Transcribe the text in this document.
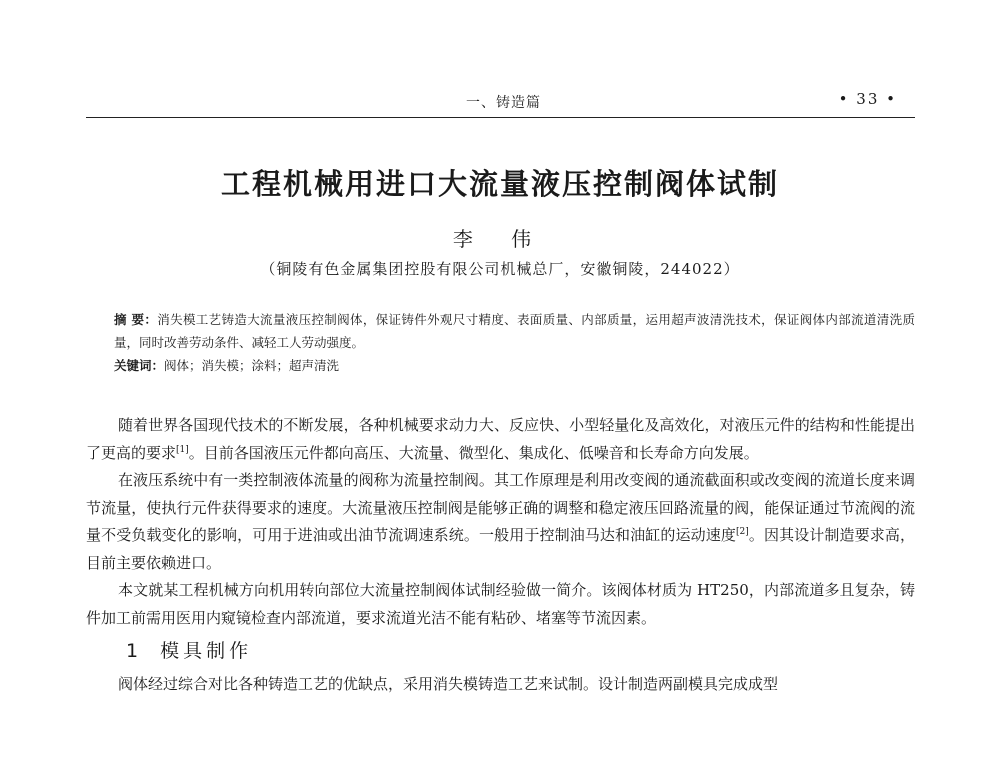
一、铸造篇	• 33 •
工程机械用进口大流量液压控制阀体试制
李 伟
（铜陵有色金属集团控股有限公司机械总厂，安徽铜陵，244022）

摘 要：消失模工艺铸造大流量液压控制阀体，保证铸件外观尺寸精度、表面质量、内部质量，运用超声波清洗技术，保证阀体内部流道清洗质量，同时改善劳动条件、减轻工人劳动强度。

关键词：阀体；消失模；涂料；超声清洗

随着世界各国现代技术的不断发展，各种机械要求动力大、反应快、小型轻量化及高效化，对液压元件的结构和性能提出了更高的要求[1]。目前各国液压元件都向高压、大流量、微型化、集成化、低噪音和长寿命方向发展。

在液压系统中有一类控制液体流量的阀称为流量控制阀。其工作原理是利用改变阀的通流截面积或改变阀的流道长度来调节流量，使执行元件获得要求的速度。大流量液压控制阀是能够正确的调整和稳定液压回路流量的阀，能保证通过节流阀的流量不受负载变化的影响，可用于进油或出油节流调速系统。一般用于控制油马达和油缸的运动速度[2]。因其设计制造要求高，目前主要依赖进口。

本文就某工程机械方向机用转向部位大流量控制阀体试制经验做一简介。该阀体材质为 HT250，内部流道多且复杂，铸件加工前需用医用内窥镜检查内部流道，要求流道光洁不能有粘砂、堵塞等节流因素。

1 模具制作

阀体经过综合对比各种铸造工艺的优缺点，采用消失模铸造工艺来试制。设计制造两副模具完成成型
